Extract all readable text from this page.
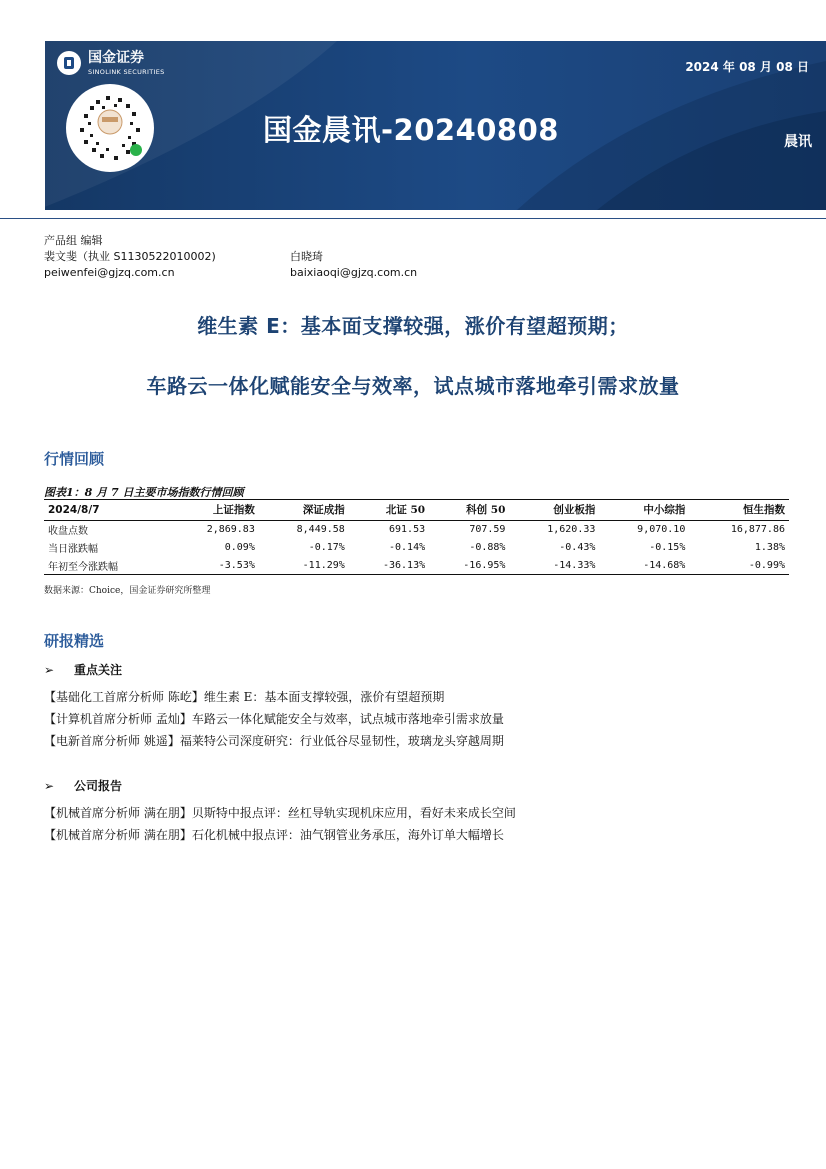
国金证券
SINOLINK SECURITIES	2024 年 08 月 08 日
国金晨讯-20240808	晨讯
产品组 编辑
裴文斐（执业 S1130522010002)
peiwenfei@gjzq.com.cn
白晓琦
baixiaoqi@gjzq.com.cn
维生素 E：基本面支撑较强，涨价有望超预期；
车路云一体化赋能安全与效率，试点城市落地牵引需求放量
行情回顾
图表1：8 月 7 日主要市场指数行情回顾
2024/8/7	上证指数	深证成指	北证 50	科创 50	创业板指	中小综指	恒生指数
收盘点数	2,869.83	8,449.58	691.53	707.59	1,620.33	9,070.10	16,877.86
当日涨跌幅	0.09%	-0.17%	-0.14%	-0.88%	-0.43%	-0.15%	1.38%
年初至今涨跌幅	-3.53%	-11.29%	-36.13%	-16.95%	-14.33%	-14.68%	-0.99%
数据来源：Choice，国金证券研究所整理
研报精选
➢	重点关注
【基础化工首席分析师 陈屹】维生素 E：基本面支撑较强，涨价有望超预期
【计算机首席分析师 孟灿】车路云一体化赋能安全与效率，试点城市落地牵引需求放量
【电新首席分析师 姚遥】福莱特公司深度研究：行业低谷尽显韧性，玻璃龙头穿越周期
➢	公司报告
【机械首席分析师 满在朋】贝斯特中报点评：丝杠导轨实现机床应用，看好未来成长空间
【机械首席分析师 满在朋】石化机械中报点评：油气钢管业务承压，海外订单大幅增长
